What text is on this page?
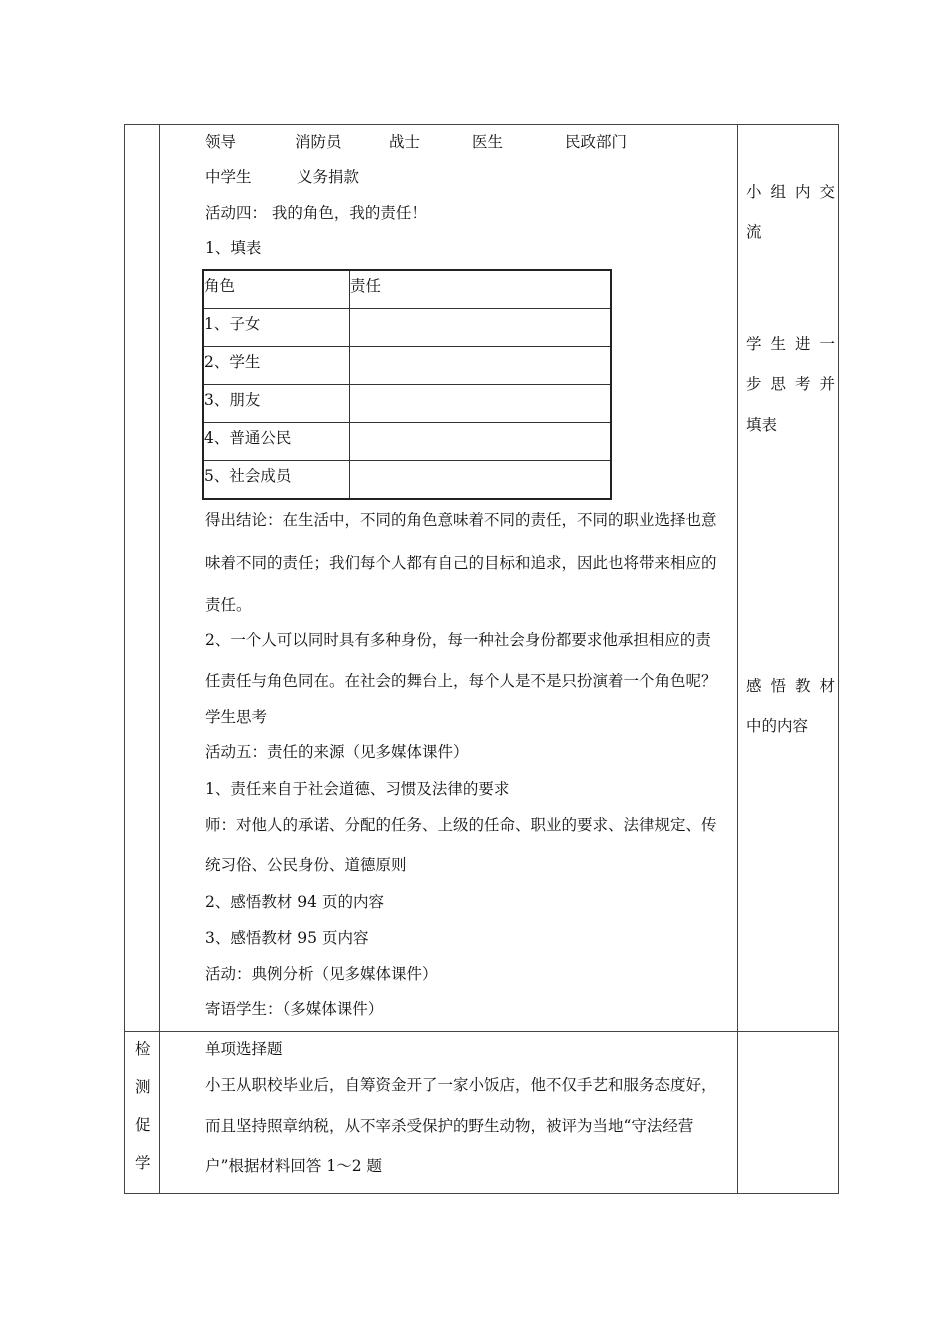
领导	消防员	战士	医生	民政部门
中学生	义务捐款
活动四： 我的角色，我的责任！
1、填表
角色	责任

1、子女

2、学生

3、朋友

4、普通公民

5、社会成员

得出结论：在生活中，不同的角色意味着不同的责任，不同的职业选择也意
味着不同的责任；我们每个人都有自己的目标和追求，因此也将带来相应的
责任。
2、一个人可以同时具有多种身份，每一种社会身份都要求他承担相应的责
任责任与角色同在。在社会的舞台上，每个人是不是只扮演着一个角色呢？
学生思考
活动五：责任的来源（见多媒体课件）
1、责任来自于社会道德、习惯及法律的要求
师：对他人的承诺、分配的任务、上级的任命、职业的要求、法律规定、传
统习俗、公民身份、道德原则
2、感悟教材 94 页的内容
3、感悟教材 95 页内容
活动：典例分析（见多媒体课件）
寄语学生：（多媒体课件）

小组内交
流
学生进一
步思考并
填表
感悟教材
中的内容

检
测
促
学

单项选择题
小王从职校毕业后，自筹资金开了一家小饭店，他不仅手艺和服务态度好，
而且坚持照章纳税，从不宰杀受保护的野生动物，被评为当地“守法经营
户”根据材料回答 1～2 题
